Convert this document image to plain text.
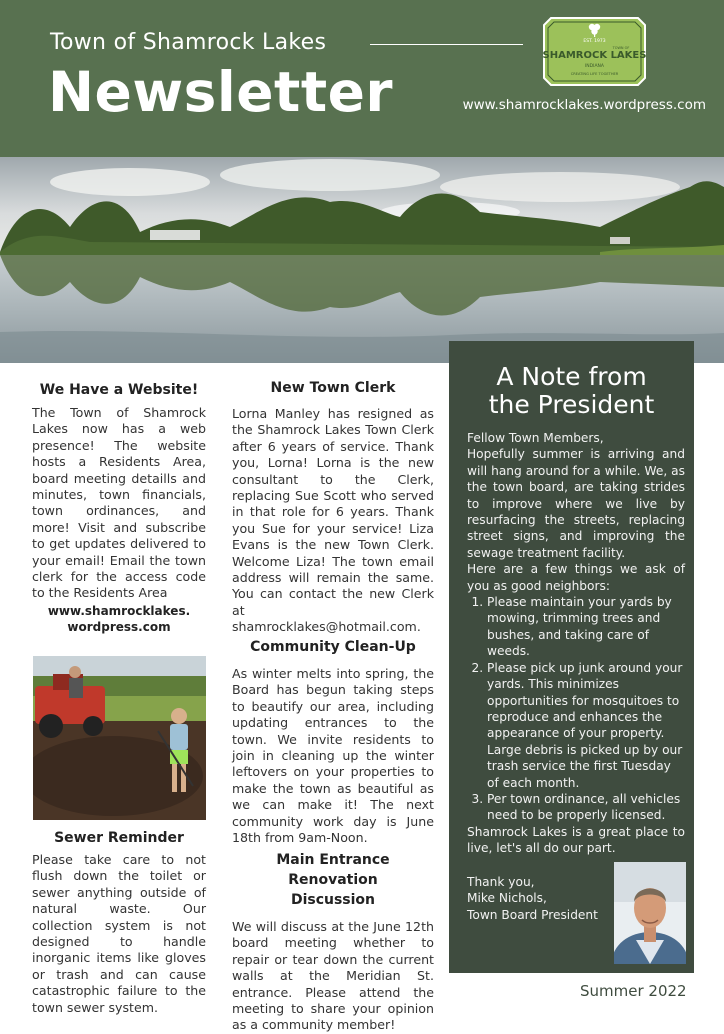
Town of Shamrock Lakes
Newsletter	www.shamrocklakes.wordpress.com
EST. 1973
TOWN OF
SHAMROCK LAKES
INDIANA
CREATING LIFE TOGETHER
We Have a Website!

The Town of Shamrock Lakes now has a web presence! The website hosts a Residents Area, board meeting detaills and minutes, town financials, town ordinances, and more! Visit and subscribe to get updates delivered to your email! Email the town clerk for the access code to the Residents Area

www.shamrocklakes.
wordpress.com
Sewer Reminder

Please take care to not flush down the toilet or sewer anything outside of natural waste. Our collection system is not designed to handle inorganic items like gloves or trash and can cause catastrophic failure to the town sewer system.

New Town Clerk

Lorna Manley has resigned as the Shamrock Lakes Town Clerk after 6 years of service. Thank you, Lorna! Lorna is the new consultant to the Clerk, replacing Sue Scott who served in that role for 6 years. Thank you Sue for your service! Liza Evans is the new Town Clerk. Welcome Liza! The town email address will remain the same. You can contact the new Clerk at shamrocklakes@hotmail.com.

Community Clean-Up

As winter melts into spring, the Board has begun taking steps to beautify our area, including updating entrances to the town. We invite residents to join in cleaning up the winter leftovers on your properties to make the town as beautiful as we can make it! The next community work day is June 18th from 9am-Noon.

Main Entrance Renovation
Discussion

We will discuss at the June 12th board meeting whether to repair or tear down the current walls at the Meridian St. entrance. Please attend the meeting to share your opinion as a community member!

A Note from
the President

Fellow Town Members,

Hopefully summer is arriving and will hang around for a while. We, as the town board, are taking strides to improve where we live by resurfacing the streets, replacing street signs, and improving the sewage treatment facility.

Here are a few things we ask of you as good neighbors:

1. Please maintain your yards by mowing, trimming trees and bushes, and taking care of weeds.
2. Please pick up junk around your yards. This minimizes opportunities for mosquitoes to reproduce and enhances the appearance of your property. Large debris is picked up by our trash service the first Tuesday of each month.
3. Per town ordinance, all vehicles need to be properly licensed.

Shamrock Lakes is a great place to live, let's all do our part.

Thank you,
Mike Nichols,
Town Board President
Summer 2022
